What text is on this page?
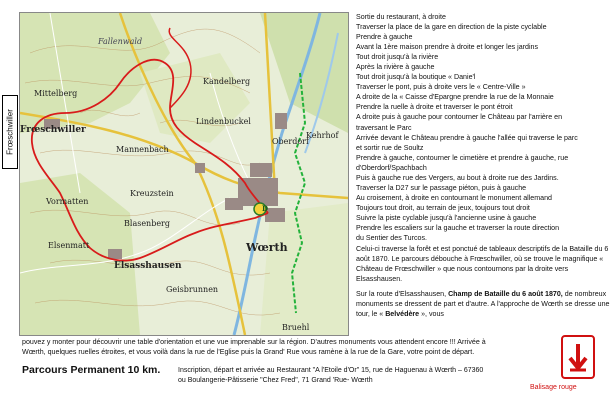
D
Wœrth
Elsasshausen
Kandelberg
Bruehl
Fallenwald
Mittelberg
Vormatten
Elsenmatt
Mannenbach
Blasenberg
Kreuzstein
Geisbrunnen
Oberdorf
Kehrhof
Lindenbuckel
Frœschwiller
Frœschwiller
Sortie du restaurant, à droite
Traverser la place de la gare en direction de la piste cyclable
Prendre à gauche
Avant la 1ère maison prendre à droite et longer les jardins
Tout droit jusqu'à la rivière
Après la rivière à gauche
Tout droit jusqu'à la boutique « Danie'l
Traverser le pont, puis à droite vers le « Centre-Ville »
A droite de la « Caisse d'Epargne prendre la rue de la Monnaie
Prendre la ruelle à droite et traverser le pont étroit
A droite puis à gauche pour contourner le Château par l'arrière en
traversant le Parc
Arrivée devant le Château prendre à gauche l'allée qui traverse le parc
et sortir rue de Soultz
Prendre à gauche, contourner le cimetière et prendre à gauche, rue
d'Oberdorf/Spachbach
Puis à gauche rue des Vergers, au bout à droite rue des Jardins.
Traverser la D27 sur le passage piéton, puis à gauche
Au croisement, à droite en contournant le monument allemand
Toujours tout droit, au terrain de jeux, toujours tout droit
Suivre la piste cyclable jusqu'à l'ancienne usine à gauche
Prendre les escaliers sur la gauche et traverser la route direction
du Sentier des Turcos.

Celui-ci traverse la forêt et est ponctué de tableaux descriptifs de la Bataille du 6 août 1870. Le parcours débouche à Frœschwiller, où se trouve le magnifique « Château de Frœschwiller » que nous contournons par la droite vers Elsasshausen.

Sur la route d'Elsasshausen, Champ de Bataille du 6 août 1870, de nombreux monuments se dressent de part et d'autre. A l'approche de Wœrth se dresse une tour, le « Belvédère », vous

pouvez y monter pour découvrir une table d'orientation et une vue imprenable sur la région. D'autres monuments vous attendent encore !!! Arrivée à
Wœrth, quelques ruelles étroites, et vous voilà dans la rue de l'Eglise puis la Grand' Rue vous ramène à la rue de la Gare, votre point de départ.
Parcours Permanent 10 km.	Inscription, départ et arrivée au Restaurant "A l'Etoile d'Or" 15, rue de Haguenau à Wœrth – 67360
ou Boulangerie-Pâtisserie "Chez Fred", 71 Grand 'Rue- Wœrth
Balisage rouge
